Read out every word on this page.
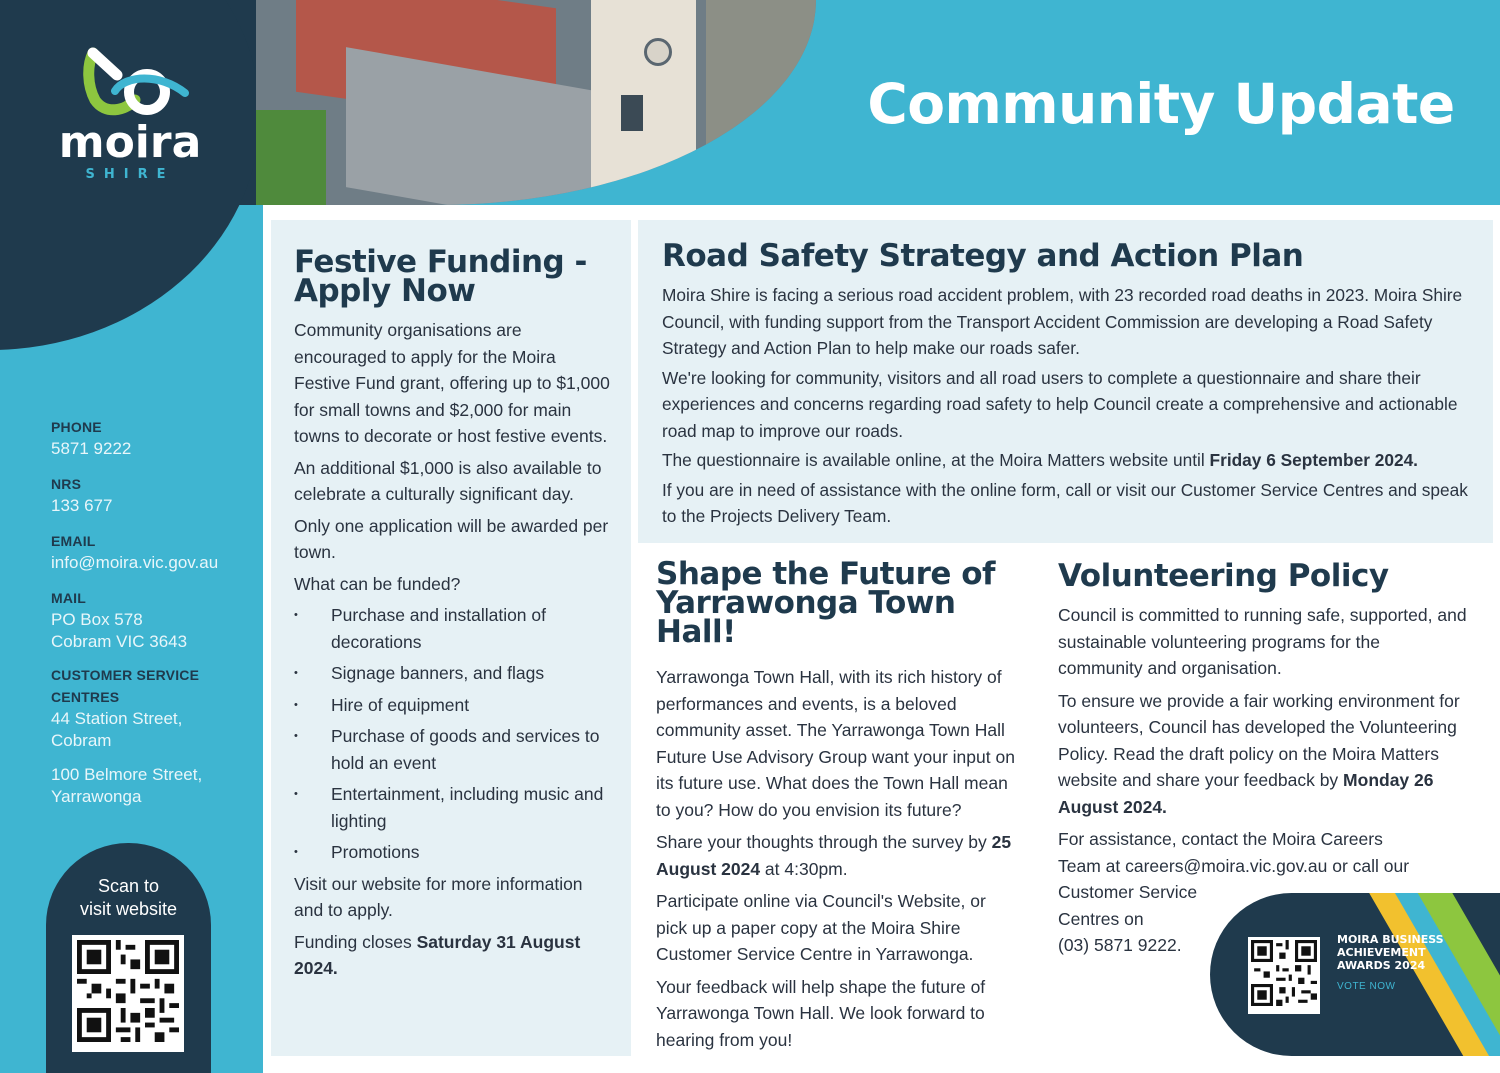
moira
SHIRE
PHONE
5871 9222
NRS
133 677
EMAIL
info@moira.vic.gov.au
MAIL
PO Box 578
Cobram VIC 3643
CUSTOMER SERVICE
CENTRES
44 Station Street,
Cobram
100 Belmore Street,
Yarrawonga
Scan to
visit website
Community Update
Festive Funding -
Apply Now

Community organisations are encouraged to apply for the Moira Festive Fund grant, offering up to $1,000 for small towns and $2,000 for main towns to decorate or host festive events.

An additional $1,000 is also available to celebrate a culturally significant day.

Only one application will be awarded per town.

What can be funded?

• Purchase and installation of decorations
• Signage banners, and flags
• Hire of equipment
• Purchase of goods and services to hold an event
• Entertainment, including music and lighting
• Promotions

Visit our website for more information and to apply.

Funding closes Saturday 31 August 2024.

Road Safety Strategy and Action Plan

Moira Shire is facing a serious road accident problem, with 23 recorded road deaths in 2023. Moira Shire Council, with funding support from the Transport Accident Commission are developing a Road Safety Strategy and Action Plan to help make our roads safer.

We're looking for community, visitors and all road users to complete a questionnaire and share their experiences and concerns regarding road safety to help Council create a comprehensive and actionable road map to improve our roads.

The questionnaire is available online, at the Moira Matters website until Friday 6 September 2024.

If you are in need of assistance with the online form, call or visit our Customer Service Centres and speak to the Projects Delivery Team.

Shape the Future of
Yarrawonga Town Hall!

Yarrawonga Town Hall, with its rich history of performances and events, is a beloved community asset. The Yarrawonga Town Hall Future Use Advisory Group want your input on its future use. What does the Town Hall mean to you? How do you envision its future?

Share your thoughts through the survey by 25 August 2024 at 4:30pm.

Participate online via Council's Website, or pick up a paper copy at the Moira Shire Customer Service Centre in Yarrawonga.

Your feedback will help shape the future of Yarrawonga Town Hall. We look forward to hearing from you!

Volunteering Policy

Council is committed to running safe, supported, and sustainable volunteering programs for the community and organisation.

To ensure we provide a fair working environment for volunteers, Council has developed the Volunteering Policy. Read the draft policy on the Moira Matters website and share your feedback by Monday 26 August 2024.

For assistance, contact the Moira Careers
Team at careers@moira.vic.gov.au or call our
Customer Service
Centres on
(03) 5871 9222.	MOIRA BUSINESS
ACHIEVEMENT
AWARDS 2024
VOTE NOW
